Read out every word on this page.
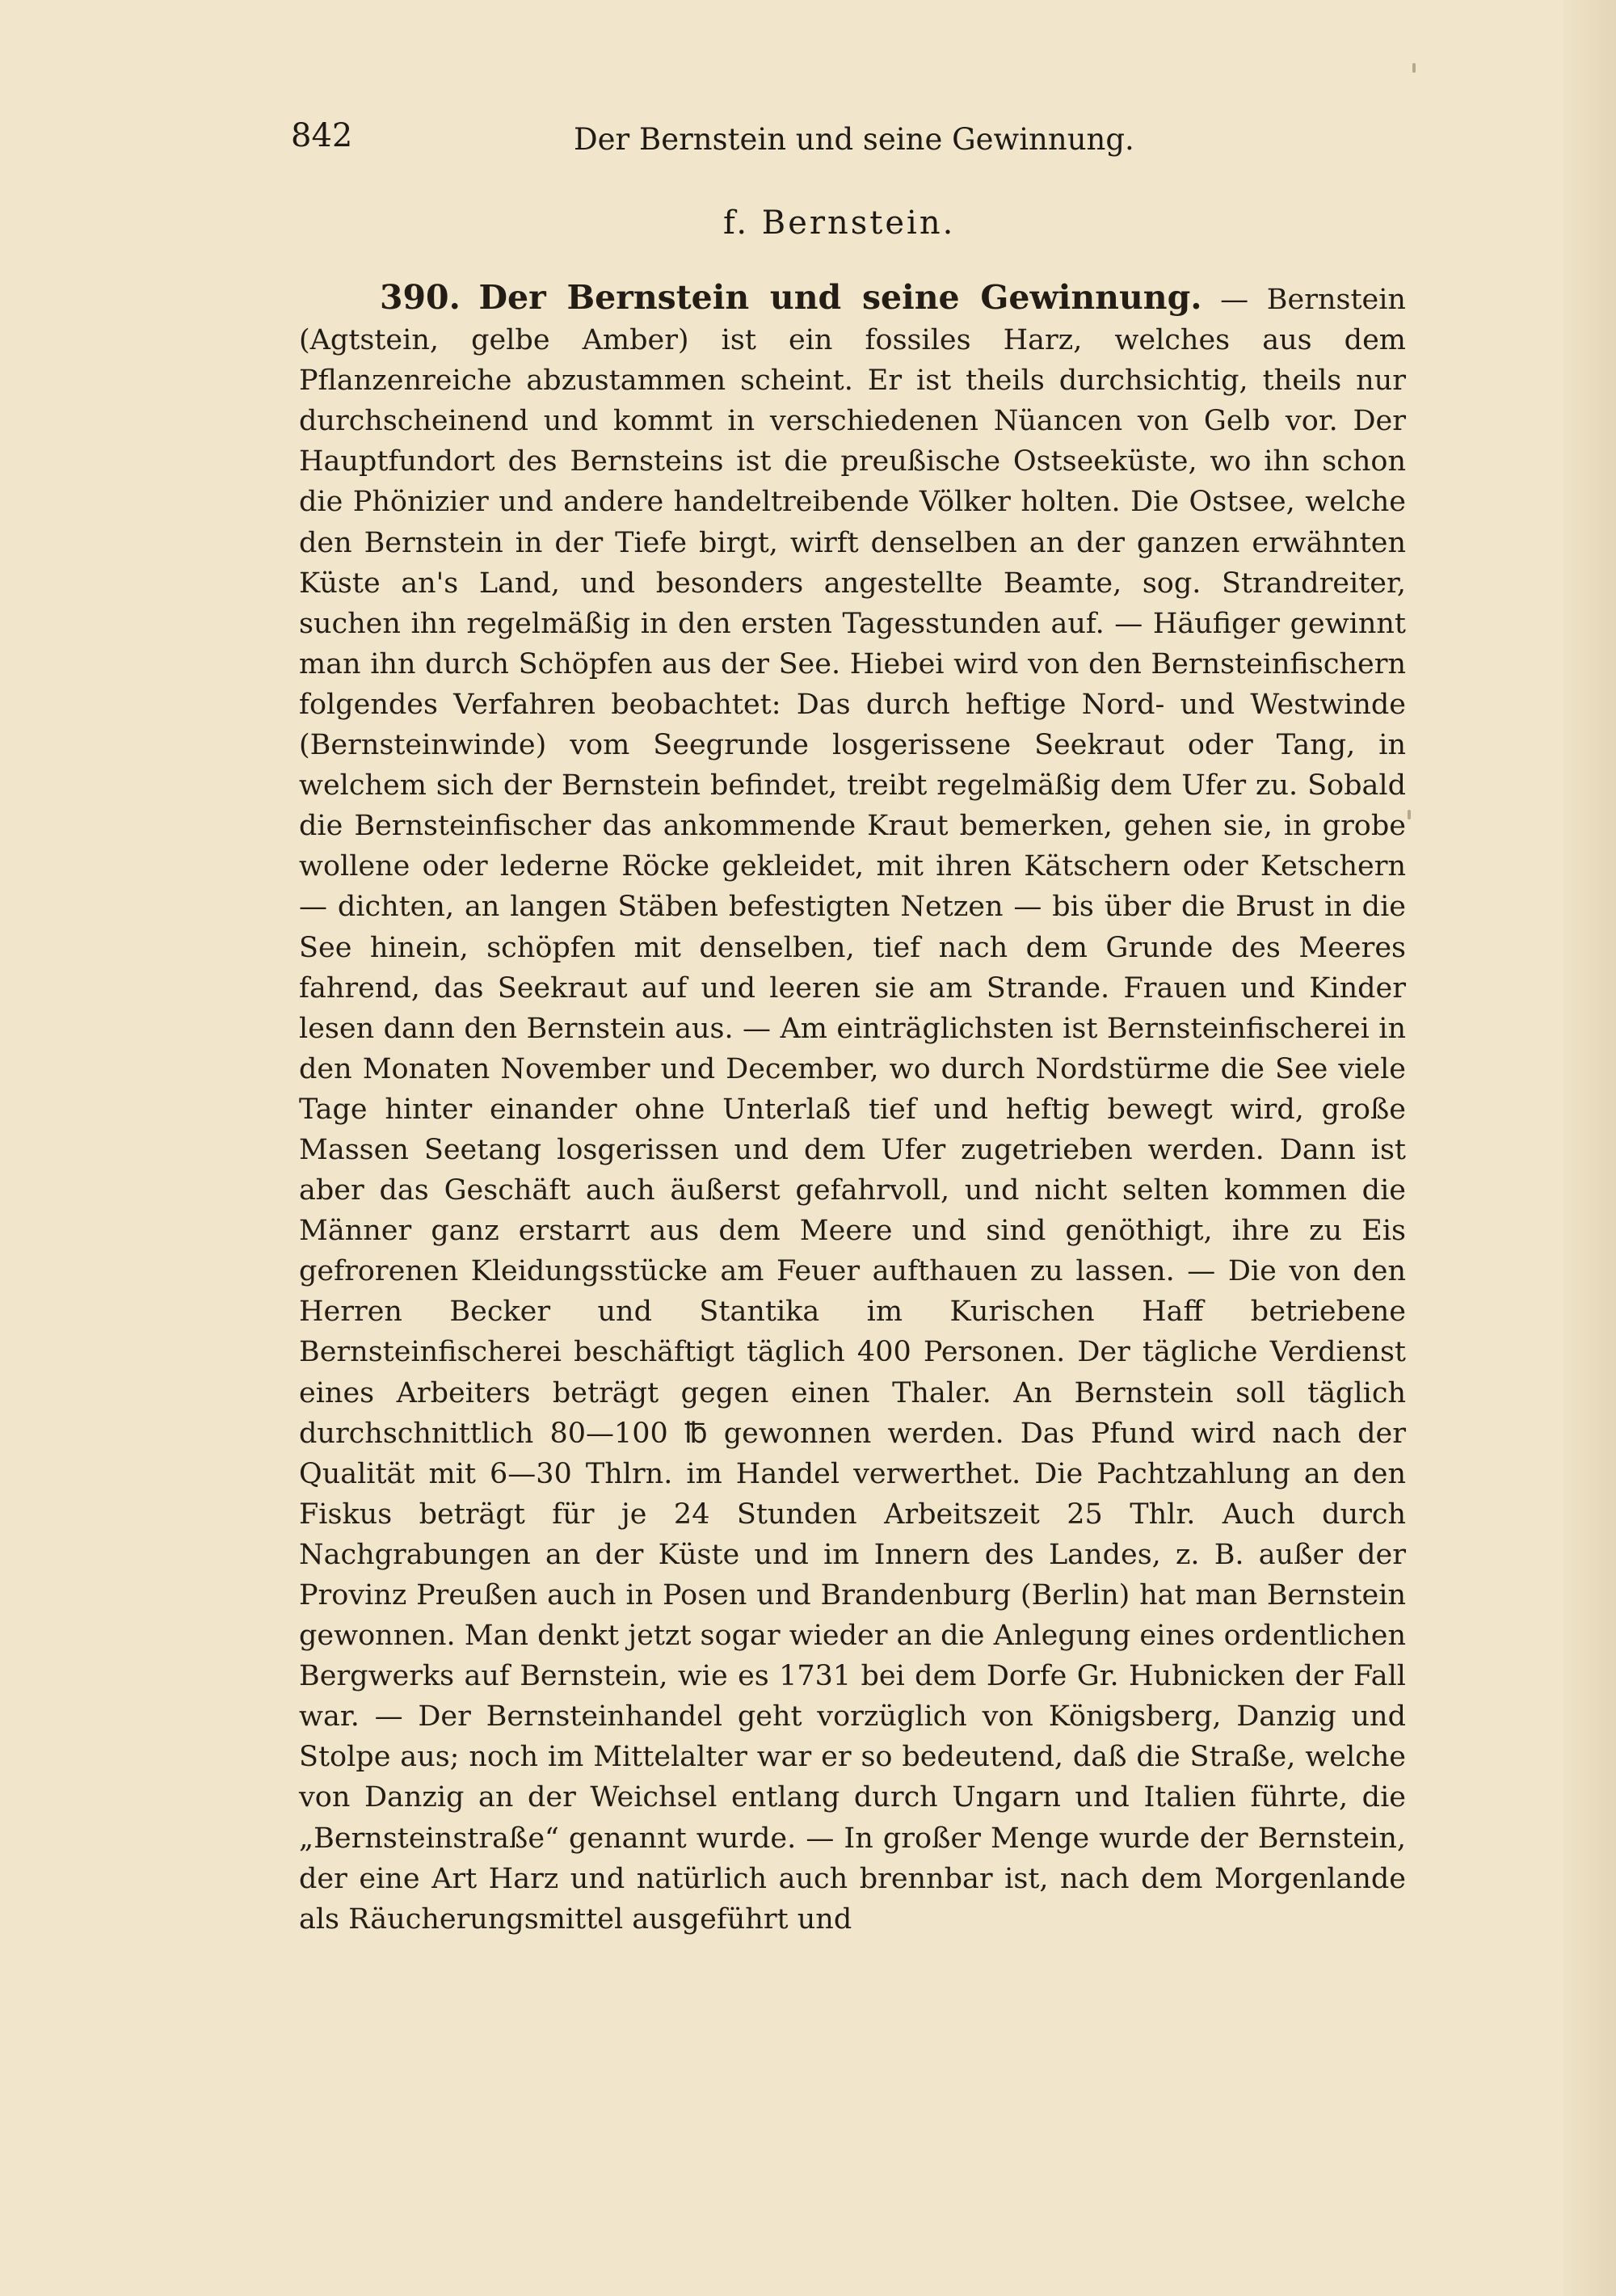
842	Der Bernstein und seine Gewinnung.
f. Bernstein.
390. Der Bernstein und seine Gewinnung. — Bernstein (Agtstein, gelbe Amber) ist ein fossiles Harz, welches aus dem Pflanzenreiche abzustammen scheint. Er ist theils durchsichtig, theils nur durchscheinend und kommt in verschiedenen Nüancen von Gelb vor. Der Hauptfundort des Bernsteins ist die preußische Ostseeküste, wo ihn schon die Phönizier und andere handeltreibende Völker holten. Die Ostsee, welche den Bernstein in der Tiefe birgt, wirft denselben an der ganzen erwähnten Küste an's Land, und besonders angestellte Beamte, sog. Strandreiter, suchen ihn regelmäßig in den ersten Tagesstunden auf. — Häufiger gewinnt man ihn durch Schöpfen aus der See. Hiebei wird von den Bernsteinfischern folgendes Verfahren beobachtet: Das durch heftige Nord- und Westwinde (Bernsteinwinde) vom Seegrunde losgerissene Seekraut oder Tang, in welchem sich der Bernstein befindet, treibt regelmäßig dem Ufer zu. Sobald die Bernsteinfischer das ankommende Kraut bemerken, gehen sie, in grobe wollene oder lederne Röcke gekleidet, mit ihren Kätschern oder Ketschern — dichten, an langen Stäben befestigten Netzen — bis über die Brust in die See hinein, schöpfen mit denselben, tief nach dem Grunde des Meeres fahrend, das Seekraut auf und leeren sie am Strande. Frauen und Kinder lesen dann den Bernstein aus. — Am einträglichsten ist Bernsteinfischerei in den Monaten November und December, wo durch Nordstürme die See viele Tage hinter einander ohne Unterlaß tief und heftig bewegt wird, große Massen Seetang losgerissen und dem Ufer zugetrieben werden. Dann ist aber das Geschäft auch äußerst gefahrvoll, und nicht selten kommen die Männer ganz erstarrt aus dem Meere und sind genöthigt, ihre zu Eis gefrorenen Kleidungsstücke am Feuer aufthauen zu lassen. — Die von den Herren Becker und Stantika im Kurischen Haff betriebene Bernsteinfischerei beschäftigt täglich 400 Personen. Der tägliche Verdienst eines Arbeiters beträgt gegen einen Thaler. An Bernstein soll täglich durchschnittlich 80—100 ℔ gewonnen werden. Das Pfund wird nach der Qualität mit 6—30 Thlrn. im Handel verwerthet. Die Pachtzahlung an den Fiskus beträgt für je 24 Stunden Arbeitszeit 25 Thlr. Auch durch Nachgrabungen an der Küste und im Innern des Landes, z. B. außer der Provinz Preußen auch in Posen und Brandenburg (Berlin) hat man Bernstein gewonnen. Man denkt jetzt sogar wieder an die Anlegung eines ordentlichen Bergwerks auf Bernstein, wie es 1731 bei dem Dorfe Gr. Hubnicken der Fall war. — Der Bernsteinhandel geht vorzüglich von Königsberg, Danzig und Stolpe aus; noch im Mittelalter war er so bedeutend, daß die Straße, welche von Danzig an der Weichsel entlang durch Ungarn und Italien führte, die „Bernsteinstraße“ genannt wurde. — In großer Menge wurde der Bernstein, der eine Art Harz und natürlich auch brennbar ist, nach dem Morgenlande als Räucherungsmittel ausgeführt und
